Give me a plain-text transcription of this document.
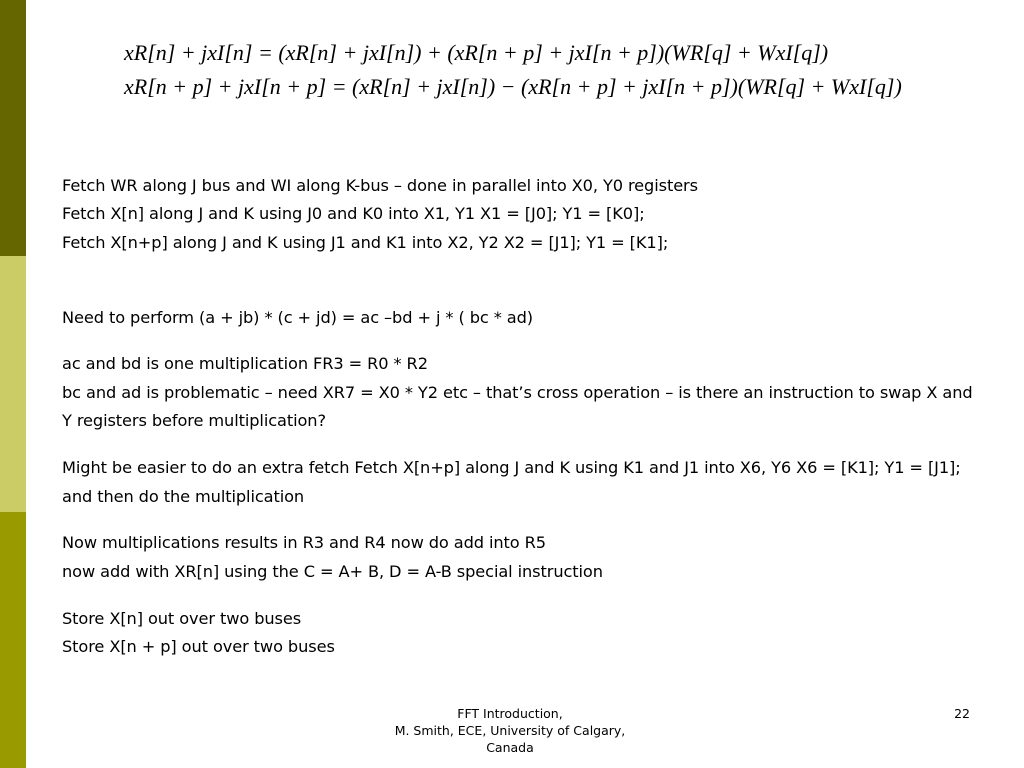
xR[n] + jxI[n] = (xR[n] + jxI[n]) + (xR[n + p] + jxI[n + p])(WR[q] + WxI[q])
xR[n + p] + jxI[n + p] = (xR[n] + jxI[n]) − (xR[n + p] + jxI[n + p])(WR[q] + WxI[q])
Fetch WR along J bus and WI along K-bus – done in parallel into X0, Y0 registers
Fetch X[n] along J and K using J0 and K0 into X1, Y1 X1 = [J0]; Y1 = [K0];
Fetch X[n+p] along J and K using J1 and K1 into X2, Y2 X2 = [J1]; Y1 = [K1];
Need to perform (a + jb) * (c + jd) = ac –bd + j * ( bc * ad)
ac and bd is one multiplication FR3 = R0 * R2
bc and ad is problematic – need XR7 = X0 * Y2 etc – that’s cross operation – is there an instruction to swap X and
Y registers before multiplication?
Might be easier to do an extra fetch Fetch X[n+p] along J and K using K1 and J1 into X6, Y6 X6 = [K1]; Y1 = [J1];
and then do the multiplication
Now multiplications results in R3 and R4 now do add into R5
now add with XR[n] using the C = A+ B, D = A-B special instruction
Store X[n] out over two buses
Store X[n + p] out over two buses
FFT Introduction,
M. Smith, ECE, University of Calgary,
Canada
22
